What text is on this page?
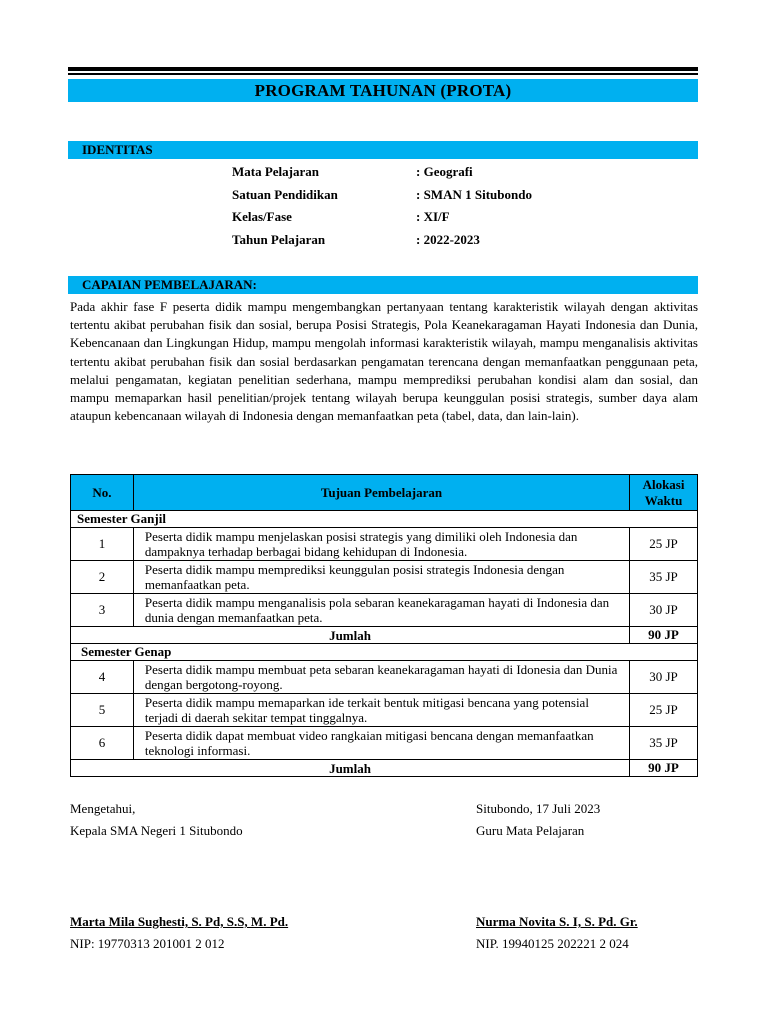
PROGRAM TAHUNAN (PROTA)
IDENTITAS
Mata Pelajaran	: Geografi
Satuan Pendidikan	: SMAN 1 Situbondo
Kelas/Fase	: XI/F
Tahun Pelajaran	: 2022-2023
CAPAIAN PEMBELAJARAN:
Pada akhir fase F peserta didik mampu mengembangkan pertanyaan tentang karakteristik wilayah dengan aktivitas tertentu akibat perubahan fisik dan sosial, berupa Posisi Strategis, Pola Keanekaragaman Hayati Indonesia dan Dunia, Kebencanaan dan Lingkungan Hidup, mampu mengolah informasi karakteristik wilayah, mampu menganalisis aktivitas tertentu akibat perubahan fisik dan sosial berdasarkan pengamatan terencana dengan memanfaatkan penggunaan peta, melalui pengamatan, kegiatan penelitian sederhana, mampu memprediksi perubahan kondisi alam dan sosial, dan mampu memaparkan hasil penelitian/projek tentang wilayah berupa keunggulan posisi strategis, sumber daya alam ataupun kebencanaan wilayah di Indonesia dengan memanfaatkan peta (tabel, data, dan lain-lain).
No.	Tujuan Pembelajaran	Alokasi
Waktu

Semester Ganjil		
1	Peserta didik mampu menjelaskan posisi strategis yang dimiliki oleh Indonesia dan dampaknya terhadap berbagai bidang kehidupan di Indonesia.	25 JP
2	Peserta didik mampu memprediksi keunggulan posisi strategis Indonesia dengan memanfaatkan peta.	35 JP
3	Peserta didik mampu menganalisis pola sebaran keanekaragaman hayati di Indonesia dan dunia dengan memanfaatkan peta.	30 JP
Jumlah		90 JP
Semester Genap		
4	Peserta didik mampu membuat peta sebaran keanekaragaman hayati di Idonesia dan Dunia dengan bergotong-royong.	30 JP
5	Peserta didik mampu memaparkan ide terkait bentuk mitigasi bencana yang potensial terjadi di daerah sekitar tempat tinggalnya.	25 JP
6	Peserta didik dapat membuat video rangkaian mitigasi bencana dengan memanfaatkan teknologi informasi.	35 JP
Jumlah		90 JP
Mengetahui,
Kepala SMA Negeri 1 Situbondo
Marta Mila Sughesti, S. Pd, S.S, M. Pd.
NIP: 19770313 201001 2 012
Situbondo, 17 Juli 2023
Guru Mata Pelajaran
Nurma Novita S. I, S. Pd. Gr.
NIP. 19940125 202221 2 024
